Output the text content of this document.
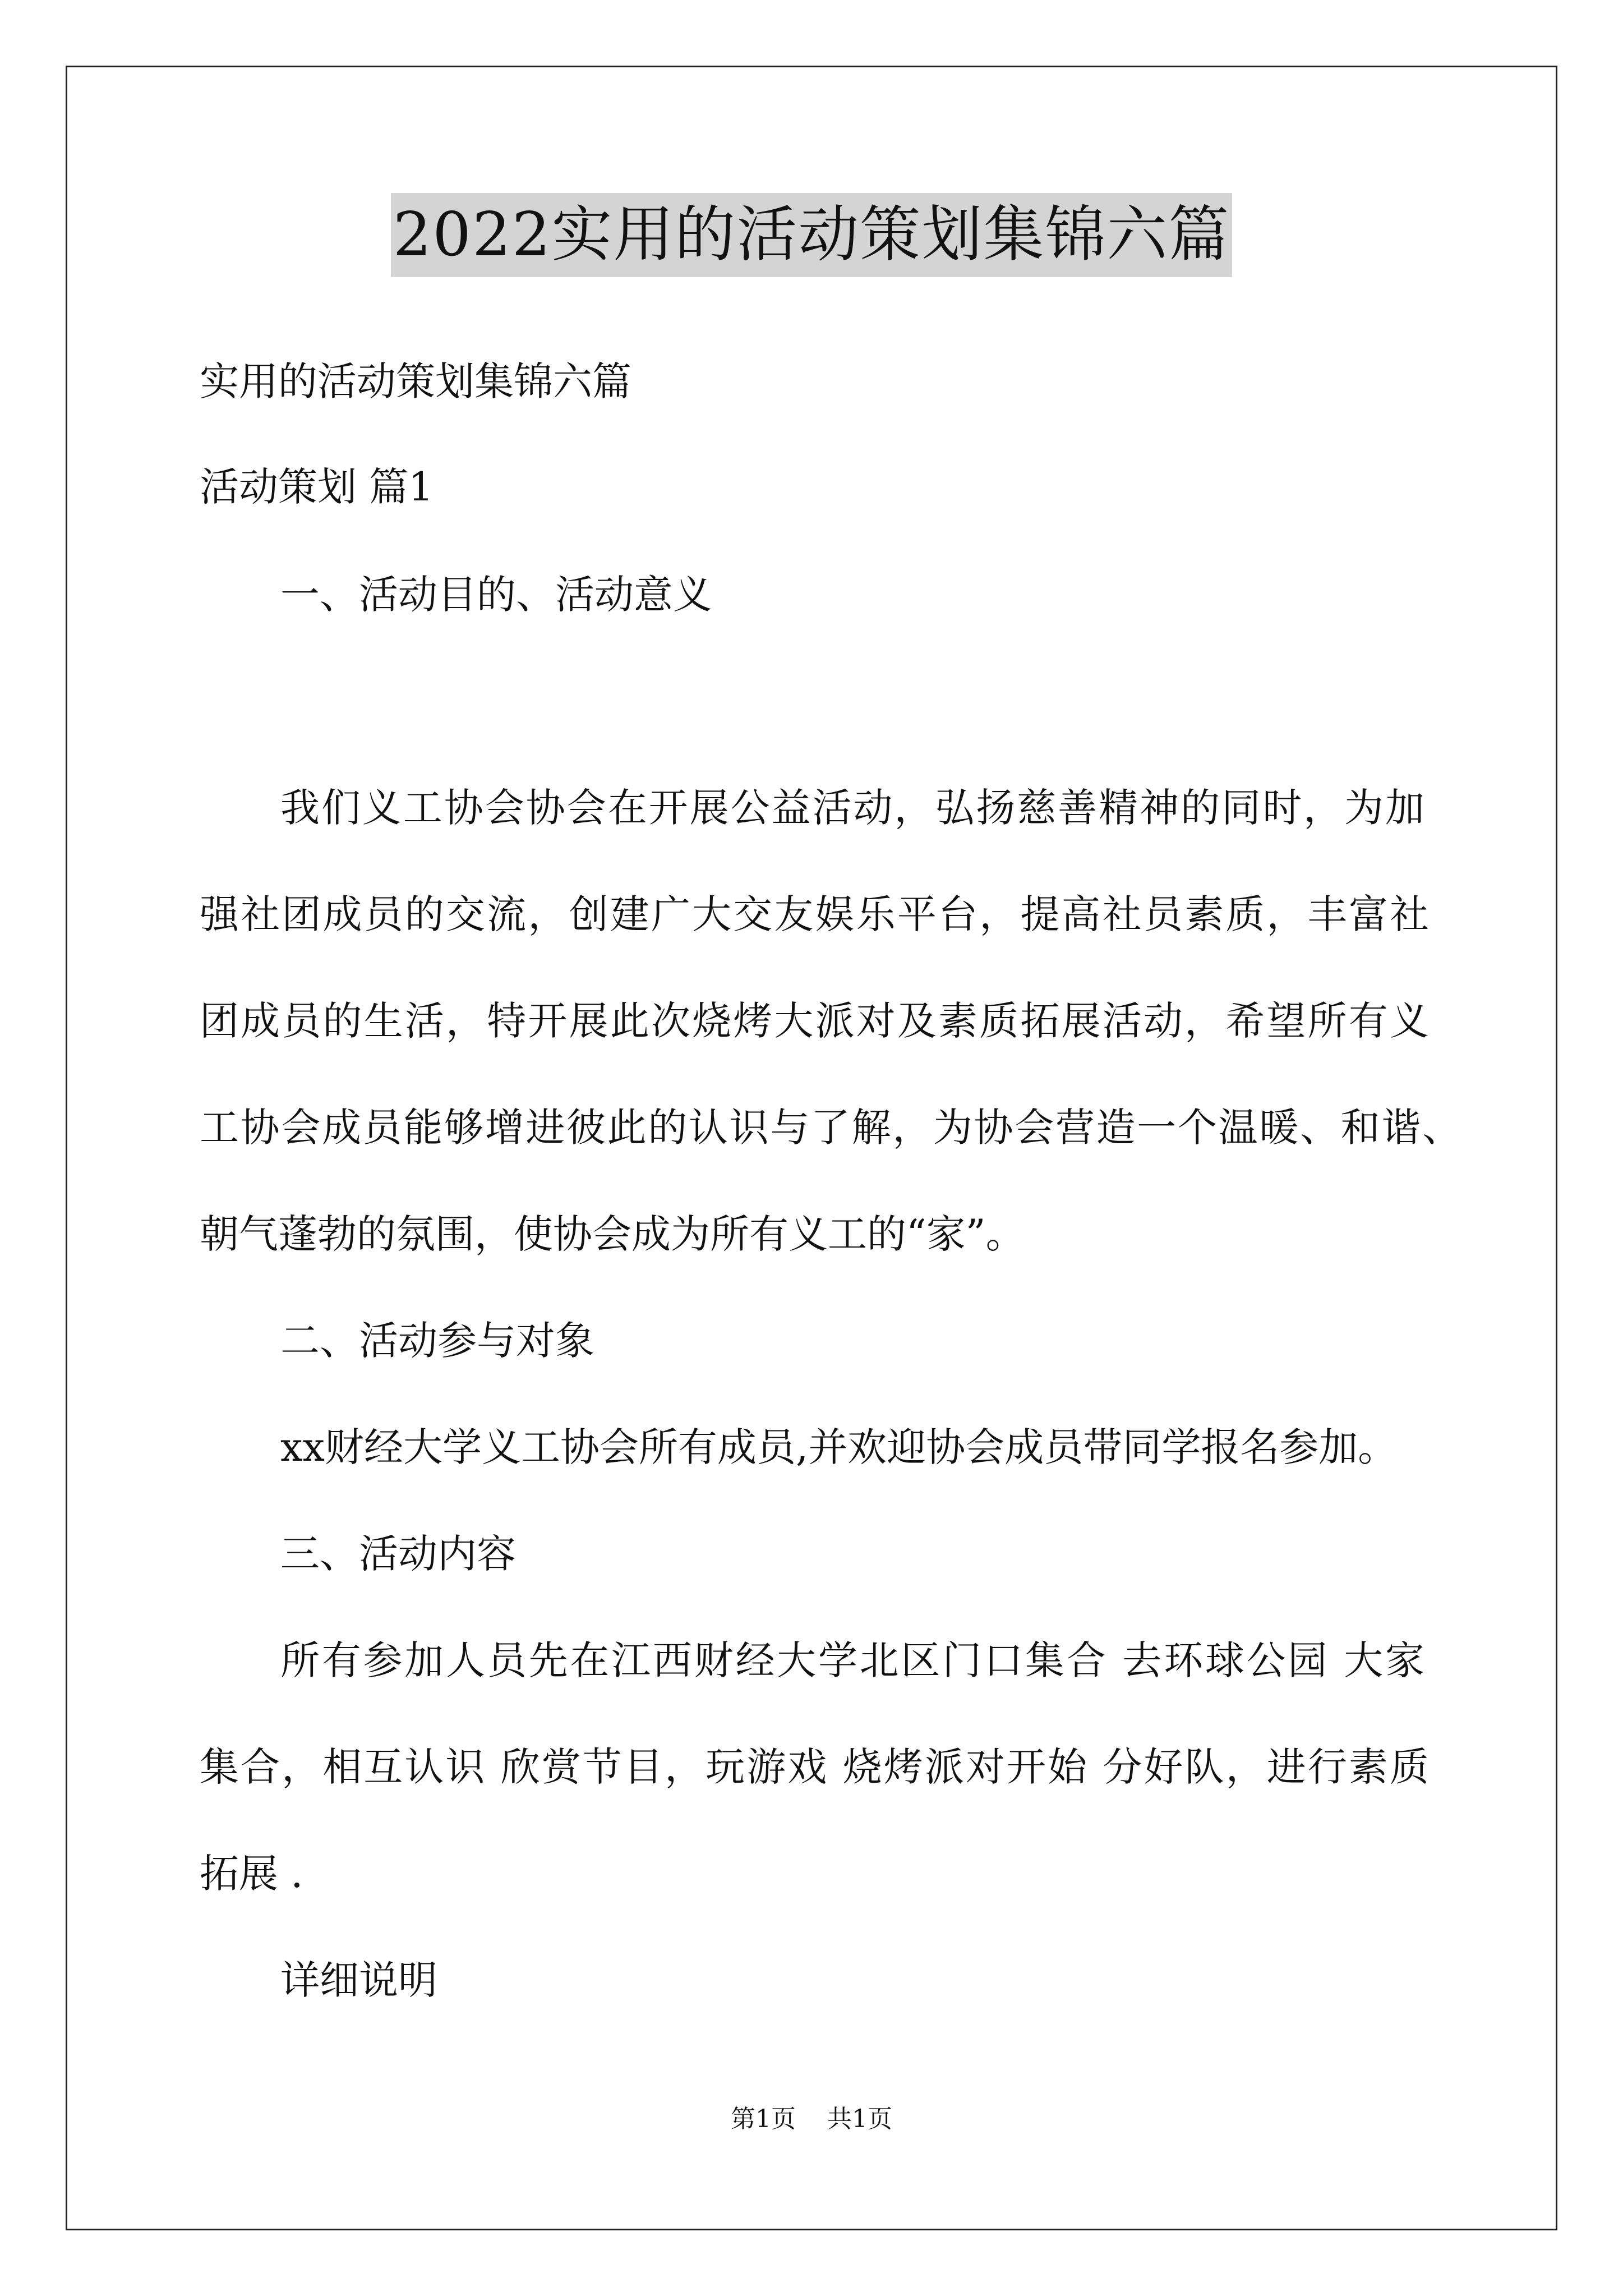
2022实用的活动策划集锦六篇
实用的活动策划集锦六篇
活动策划 篇1
一、活动目的、活动意义
我们义工协会协会在开展公益活动，弘扬慈善精神的同时，为加
强社团成员的交流，创建广大交友娱乐平台，提高社员素质，丰富社
团成员的生活，特开展此次烧烤大派对及素质拓展活动，希望所有义
工协会成员能够增进彼此的认识与了解，为协会营造一个温暖、和谐、
朝气蓬勃的氛围，使协会成为所有义工的“家”。
二、活动参与对象
xx财经大学义工协会所有成员,并欢迎协会成员带同学报名参加。
三、活动内容
所有参加人员先在江西财经大学北区门口集合 去环球公园 大家
集合，相互认识 欣赏节目，玩游戏 烧烤派对开始 分好队，进行素质
拓展 .
详细说明
第1页 共1页
